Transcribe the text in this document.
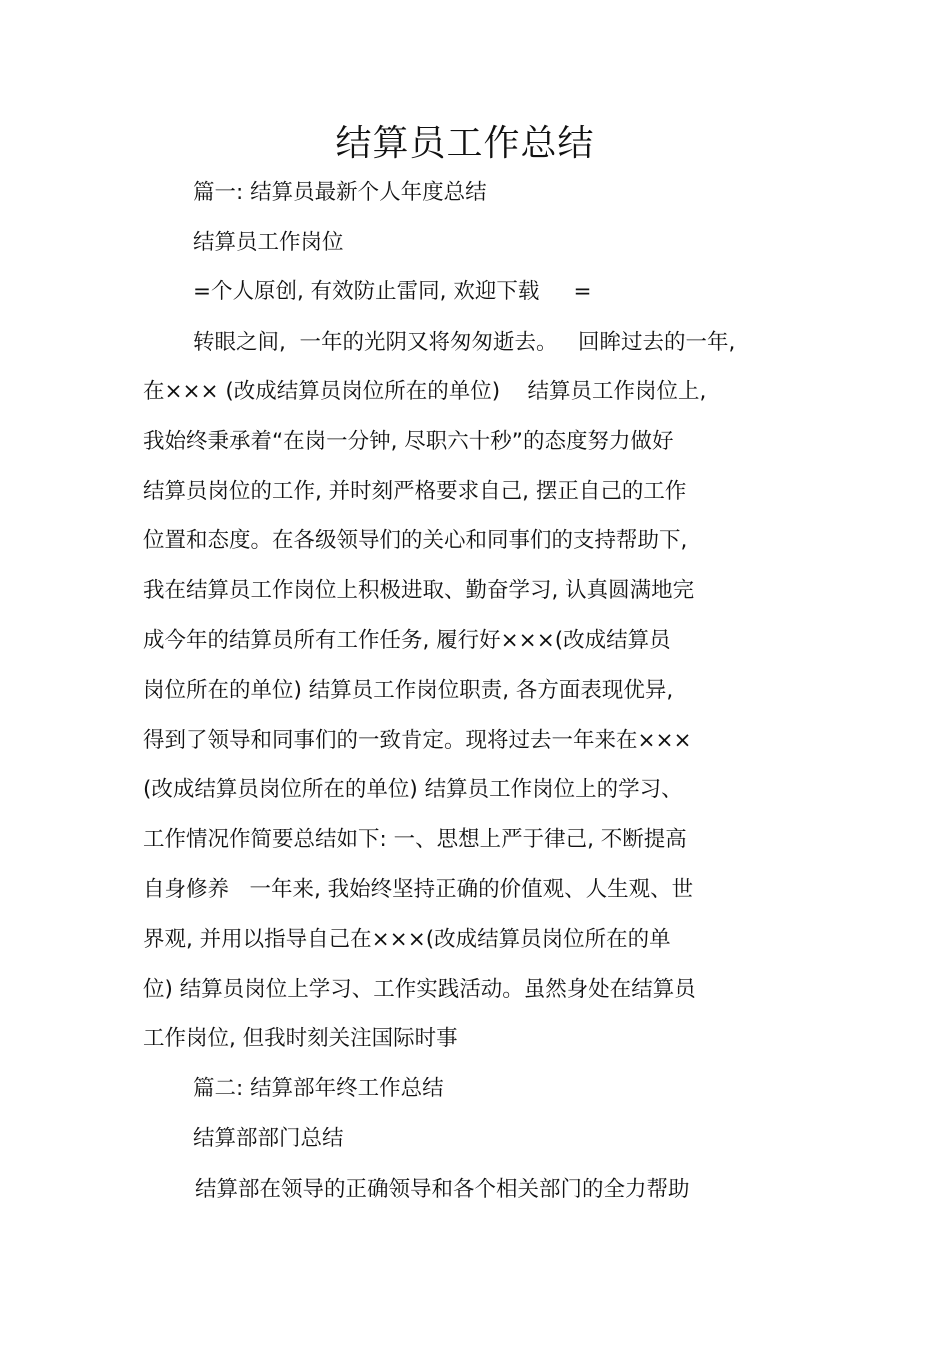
结算员工作总结

篇一: 结算员最新个人年度总结

结算员工作岗位

=个人原创, 有效防止雷同, 欢迎下载     =

转眼之间,  一年的光阴又将匆匆逝去。   回眸过去的一年,

在××× (改成结算员岗位所在的单位)    结算员工作岗位上,

我始终秉承着“在岗一分钟, 尽职六十秒”的态度努力做好

结算员岗位的工作, 并时刻严格要求自己, 摆正自己的工作

位置和态度。在各级领导们的关心和同事们的支持帮助下,

我在结算员工作岗位上积极进取、勤奋学习, 认真圆满地完

成今年的结算员所有工作任务, 履行好×××(改成结算员

岗位所在的单位) 结算员工作岗位职责, 各方面表现优异,

得到了领导和同事们的一致肯定。现将过去一年来在×××

(改成结算员岗位所在的单位) 结算员工作岗位上的学习、

工作情况作简要总结如下: 一、思想上严于律己, 不断提高

自身修养   一年来, 我始终坚持正确的价值观、人生观、世

界观, 并用以指导自己在×××(改成结算员岗位所在的单

位) 结算员岗位上学习、工作实践活动。虽然身处在结算员

工作岗位, 但我时刻关注国际时事

篇二: 结算部年终工作总结

结算部部门总结

结算部在领导的正确领导和各个相关部门的全力帮助
